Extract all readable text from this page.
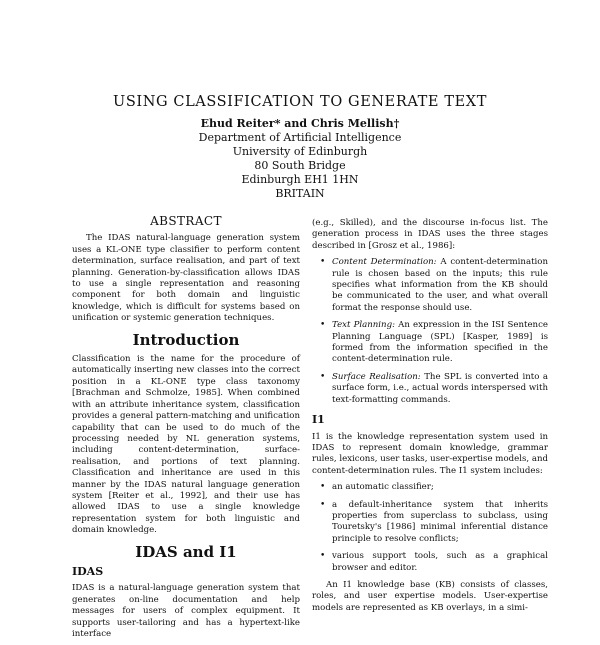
USING CLASSIFICATION TO GENERATE TEXT
Ehud Reiter* and Chris Mellish†
Department of Artificial Intelligence
University of Edinburgh
80 South Bridge
Edinburgh EH1 1HN
BRITAIN
ABSTRACT

The IDAS natural-language generation system uses a KL-ONE type classifier to perform content determination, surface realisation, and part of text planning. Generation-by-classification allows IDAS to use a single representation and reasoning component for both domain and linguistic knowledge, which is difficult for systems based on unification or systemic generation techniques.

Introduction

Classification is the name for the procedure of automatically inserting new classes into the correct position in a KL-ONE type class taxonomy [Brachman and Schmolze, 1985]. When combined with an attribute inheritance system, classification provides a general pattern-matching and unification capability that can be used to do much of the processing needed by NL generation systems, including content-determination, surface-realisation, and portions of text planning. Classification and inheritance are used in this manner by the IDAS natural language generation system [Reiter et al., 1992], and their use has allowed IDAS to use a single knowledge representation system for both linguistic and domain knowledge.

IDAS and I1
IDAS

IDAS is a natural-language generation system that generates on-line documentation and help messages for users of complex equipment. It supports user-tailoring and has a hypertext-like interface

(e.g., Skilled), and the discourse in-focus list. The generation process in IDAS uses the three stages described in [Grosz et al., 1986]:

• Content Determination: A content-determination rule is chosen based on the inputs; this rule specifies what information from the KB should be communicated to the user, and what overall format the response should use.
• Text Planning: An expression in the ISI Sentence Planning Language (SPL) [Kasper, 1989] is formed from the information specified in the content-determination rule.
• Surface Realisation: The SPL is converted into a surface form, i.e., actual words interspersed with text-formatting commands.
I1

I1 is the knowledge representation system used in IDAS to represent domain knowledge, grammar rules, lexicons, user tasks, user-expertise models, and content-determination rules. The I1 system includes:

• an automatic classifier;
• a default-inheritance system that inherits properties from superclass to subclass, using Touretsky's [1986] minimal inferential distance principle to resolve conflicts;
• various support tools, such as a graphical browser and editor.

An I1 knowledge base (KB) consists of classes, roles, and user expertise models. User-expertise models are represented as KB overlays, in a simi-
